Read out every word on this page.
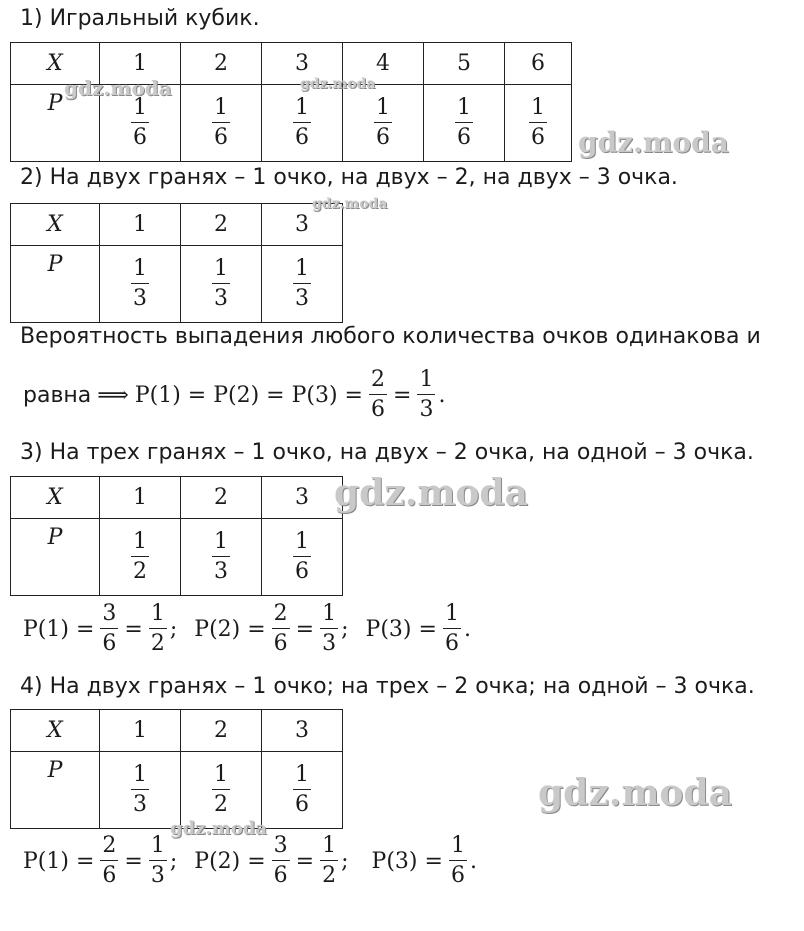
1) Игральный кубик.
X	1	2	3	4	5	6
P	$\frac{1}{6}$	$\frac{1}{6}$	$\frac{1}{6}$	$\frac{1}{6}$	$\frac{1}{6}$	$\frac{1}{6}$
2) На двух гранях – 1 очко, на двух – 2, на двух – 3 очка.
X	1	2	3
P	$\frac{1}{3}$	$\frac{1}{3}$	$\frac{1}{3}$
Вероятность выпадения любого количества очков одинакова и
равна ⟹ $P(1) = P(2) = P(3) = \frac{2}{6} = \frac{1}{3}$ .
3) На трех гранях – 1 очко, на двух – 2 очка, на одной – 3 очка.
X	1	2	3
P	$\frac{1}{2}$	$\frac{1}{3}$	$\frac{1}{6}$
$P(1) = \frac{3}{6} = \frac{1}{2}$ ; $P(2) = \frac{2}{6} = \frac{1}{3}$ ; $P(3) = \frac{1}{6}$ .
4) На двух гранях – 1 очко; на трех – 2 очка; на одной – 3 очка.
X	1	2	3
P	$\frac{1}{3}$	$\frac{1}{2}$	$\frac{1}{6}$
$P(1) = \frac{2}{6} = \frac{1}{3}$ ; $P(2) = \frac{3}{6} = \frac{1}{2}$ ; $P(3) = \frac{1}{6}$ .
gdz.moda	gdz.moda
gdz.moda
gdz.moda
gdz.moda
gdz.moda
gdz.moda
